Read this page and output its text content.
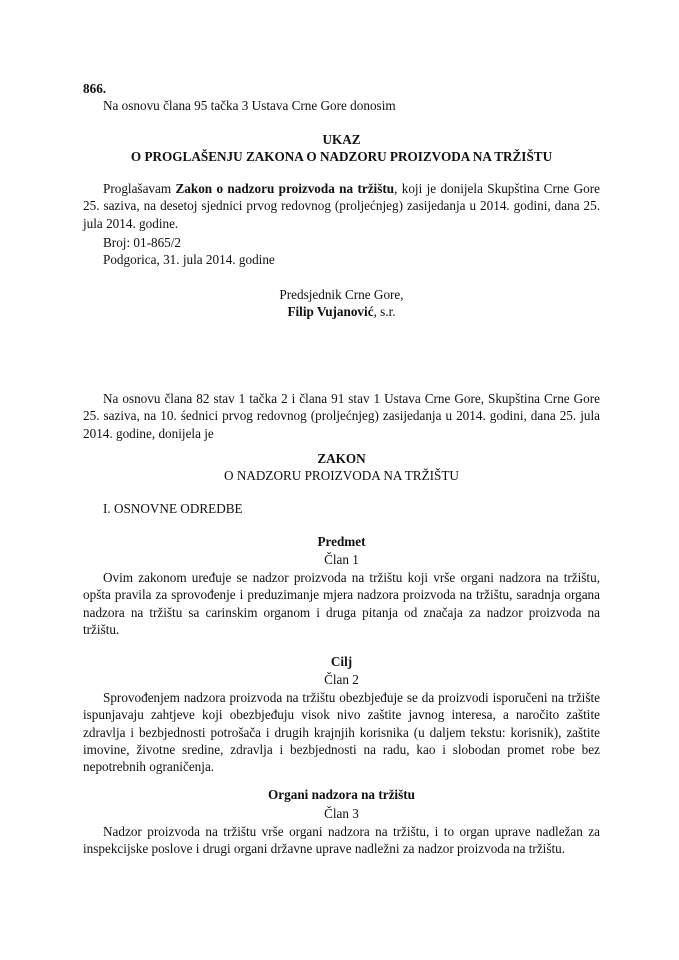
866.
Na osnovu člana 95 tačka 3 Ustava Crne Gore donosim
UKAZ
O PROGLAŠENJU ZAKONA O NADZORU PROIZVODA NA TRŽIŠTU
Proglašavam Zakon o nadzoru proizvoda na tržištu, koji je donijela Skupština Crne Gore 25. saziva, na desetoj sjednici prvog redovnog (proljećnjeg) zasijedanja u 2014. godini, dana 25. jula 2014. godine.
Broj: 01-865/2
Podgorica, 31. jula 2014. godine
Predsjednik Crne Gore,
Filip Vujanović, s.r.
Na osnovu člana 82 stav 1 tačka 2 i člana 91 stav 1 Ustava Crne Gore, Skupština Crne Gore 25. saziva, na 10. śednici prvog redovnog (proljećnjeg) zasijedanja u 2014. godini, dana 25. jula 2014. godine, donijela je
ZAKON
O NADZORU PROIZVODA NA TRŽIŠTU
I. OSNOVNE ODREDBE
Predmet
Član 1
Ovim zakonom uređuje se nadzor proizvoda na tržištu koji vrše organi nadzora na tržištu, opšta pravila za sprovođenje i preduzimanje mjera nadzora proizvoda na tržištu, saradnja organa nadzora na tržištu sa carinskim organom i druga pitanja od značaja za nadzor proizvoda na tržištu.
Cilj
Član 2
Sprovođenjem nadzora proizvoda na tržištu obezbjeđuje se da proizvodi isporučeni na tržište ispunjavaju zahtjeve koji obezbjeđuju visok nivo zaštite javnog interesa, a naročito zaštite zdravlja i bezbjednosti potrošača i drugih krajnjih korisnika (u daljem tekstu: korisnik), zaštite imovine, životne sredine, zdravlja i bezbjednosti na radu, kao i slobodan promet robe bez nepotrebnih ograničenja.
Organi nadzora na tržištu
Član 3
Nadzor proizvoda na tržištu vrše organi nadzora na tržištu, i to organ uprave nadležan za inspekcijske poslove i drugi organi državne uprave nadležni za nadzor proizvoda na tržištu.
